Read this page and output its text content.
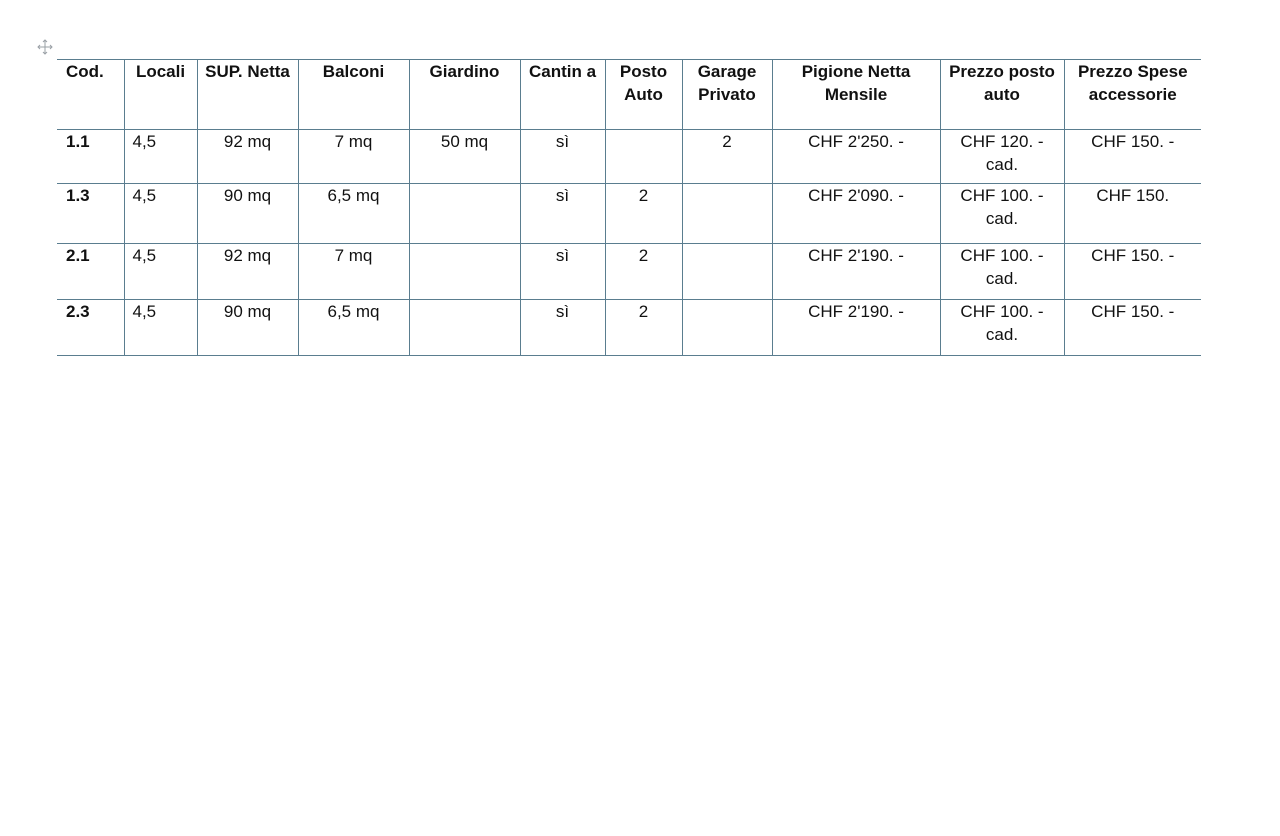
Cod.	Locali	SUP. Netta	Balconi	Giardino	Cantin a	Posto Auto	Garage Privato	Pigione Netta Mensile	Prezzo posto auto	Prezzo Spese accessorie
1.1	4,5	92 mq	7 mq	50 mq	sì		2	CHF 2'250. -	CHF 120. - cad.	CHF 150. -
1.3	4,5	90 mq	6,5 mq		sì	2		CHF 2'090. -	CHF 100. - cad.	CHF 150.
2.1	4,5	92 mq	7 mq		sì	2		CHF 2'190. -	CHF 100. - cad.	CHF 150. -
2.3	4,5	90 mq	6,5 mq		sì	2		CHF 2'190. -	CHF 100. - cad.	CHF 150. -
